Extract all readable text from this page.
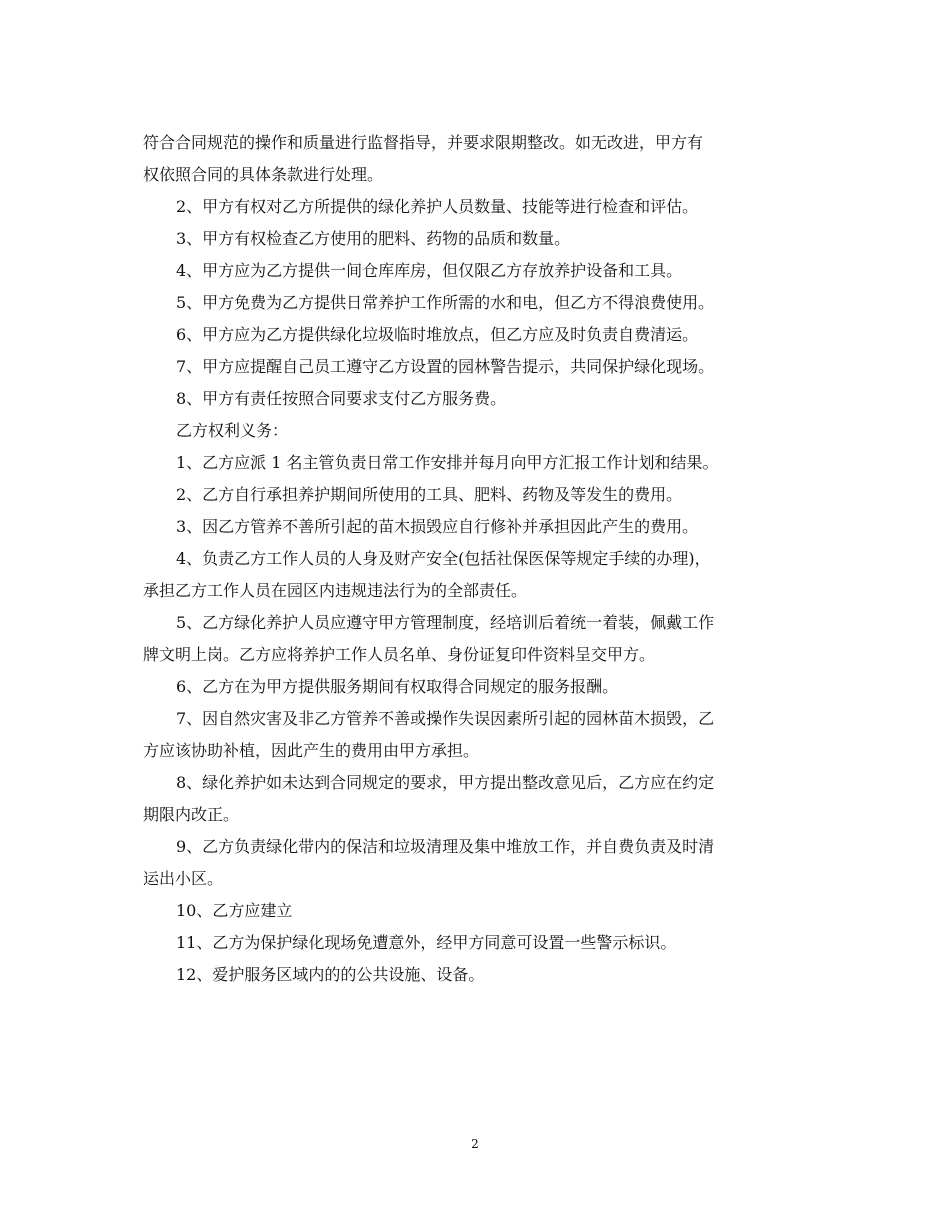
符合合同规范的操作和质量进行监督指导，并要求限期整改。如无改进，甲方有
权依照合同的具体条款进行处理。
2、甲方有权对乙方所提供的绿化养护人员数量、技能等进行检查和评估。
3、甲方有权检查乙方使用的肥料、药物的品质和数量。
4、甲方应为乙方提供一间仓库库房，但仅限乙方存放养护设备和工具。
5、甲方免费为乙方提供日常养护工作所需的水和电，但乙方不得浪费使用。
6、甲方应为乙方提供绿化垃圾临时堆放点，但乙方应及时负责自费清运。
7、甲方应提醒自己员工遵守乙方设置的园林警告提示，共同保护绿化现场。
8、甲方有责任按照合同要求支付乙方服务费。
乙方权利义务：
1、乙方应派 1 名主管负责日常工作安排并每月向甲方汇报工作计划和结果。
2、乙方自行承担养护期间所使用的工具、肥料、药物及等发生的费用。
3、因乙方管养不善所引起的苗木损毁应自行修补并承担因此产生的费用。
4、负责乙方工作人员的人身及财产安全(包括社保医保等规定手续的办理)，
承担乙方工作人员在园区内违规违法行为的全部责任。
5、乙方绿化养护人员应遵守甲方管理制度，经培训后着统一着装，佩戴工作
牌文明上岗。乙方应将养护工作人员名单、身份证复印件资料呈交甲方。
6、乙方在为甲方提供服务期间有权取得合同规定的服务报酬。
7、因自然灾害及非乙方管养不善或操作失误因素所引起的园林苗木损毁，乙
方应该协助补植，因此产生的费用由甲方承担。
8、绿化养护如未达到合同规定的要求，甲方提出整改意见后，乙方应在约定
期限内改正。
9、乙方负责绿化带内的保洁和垃圾清理及集中堆放工作，并自费负责及时清
运出小区。
10、乙方应建立
11、乙方为保护绿化现场免遭意外，经甲方同意可设置一些警示标识。
12、爱护服务区域内的的公共设施、设备。
2
